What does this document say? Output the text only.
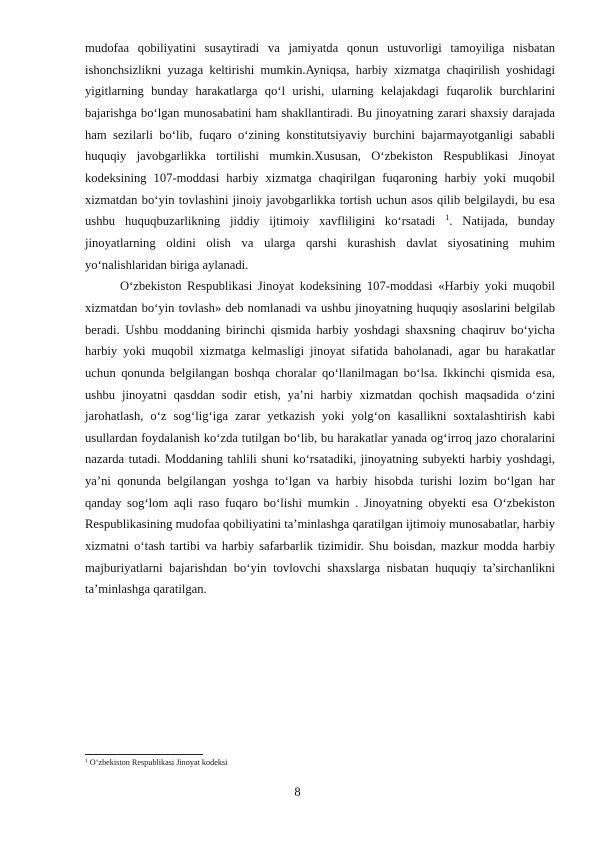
mudofaa qobiliyatini susaytiradi va jamiyatda qonun ustuvorligi tamoyiliga nisbatan ishonchsizlikni yuzaga keltirishi mumkin.Ayniqsa, harbiy xizmatga chaqirilish yoshidagi yigitlarning bunday harakatlarga qo‘l urishi, ularning kelajakdagi fuqarolik burchlarini bajarishga bo‘lgan munosabatini ham shakllantiradi. Bu jinoyatning zarari shaxsiy darajada ham sezilarli bo‘lib, fuqaro o‘zining konstitutsiyaviy burchini bajarmayotganligi sababli huquqiy javobgarlikka tortilishi mumkin.Xususan, O‘zbekiston Respublikasi Jinoyat kodeksining 107-moddasi harbiy xizmatga chaqirilgan fuqaroning harbiy yoki muqobil xizmatdan bo‘yin tovlashini jinoiy javobgarlikka tortish uchun asos qilib belgilaydi, bu esa ushbu huquqbuzarlikning jiddiy ijtimoiy xavfliligini ko‘rsatadi $^1$. Natijada, bunday jinoyatlarning oldini olish va ularga qarshi kurashish davlat siyosatining muhim yo‘nalishlaridan biriga aylanadi.

O‘zbekiston Respublikasi Jinoyat kodeksining 107-moddasi «Harbiy yoki muqobil xizmatdan bo‘yin tovlash» deb nomlanadi va ushbu jinoyatning huquqiy asoslarini belgilab beradi. Ushbu moddaning birinchi qismida harbiy yoshdagi shaxsning chaqiruv bo‘yicha harbiy yoki muqobil xizmatga kelmasligi jinoyat sifatida baholanadi, agar bu harakatlar uchun qonunda belgilangan boshqa choralar qo‘llanilmagan bo‘lsa. Ikkinchi qismida esa, ushbu jinoyatni qasddan sodir etish, ya’ni harbiy xizmatdan qochish maqsadida o‘zini jarohatlash, o‘z sog‘lig‘iga zarar yetkazish yoki yolg‘on kasallikni soxtalashtirish kabi usullardan foydalanish ko‘zda tutilgan bo‘lib, bu harakatlar yanada og‘irroq jazo choralarini nazarda tutadi. Moddaning tahlili shuni ko‘rsatadiki, jinoyatning subyekti harbiy yoshdagi, ya’ni qonunda belgilangan yoshga to‘lgan va harbiy hisobda turishi lozim bo‘lgan har qanday sog‘lom aqli raso fuqaro bo‘lishi mumkin . Jinoyatning obyekti esa O‘zbekiston Respublikasining mudofaa qobiliyatini ta’minlashga qaratilgan ijtimoiy munosabatlar, harbiy xizmatni o‘tash tartibi va harbiy safarbarlik tizimidir. Shu boisdan, mazkur modda harbiy majburiyatlarni bajarishdan bo‘yin tovlovchi shaxslarga nisbatan huquqiy ta’sirchanlikni ta’minlashga qaratilgan.

$^1$ O‘zbekiston Respublikasi Jinoyat kodeksi

8
